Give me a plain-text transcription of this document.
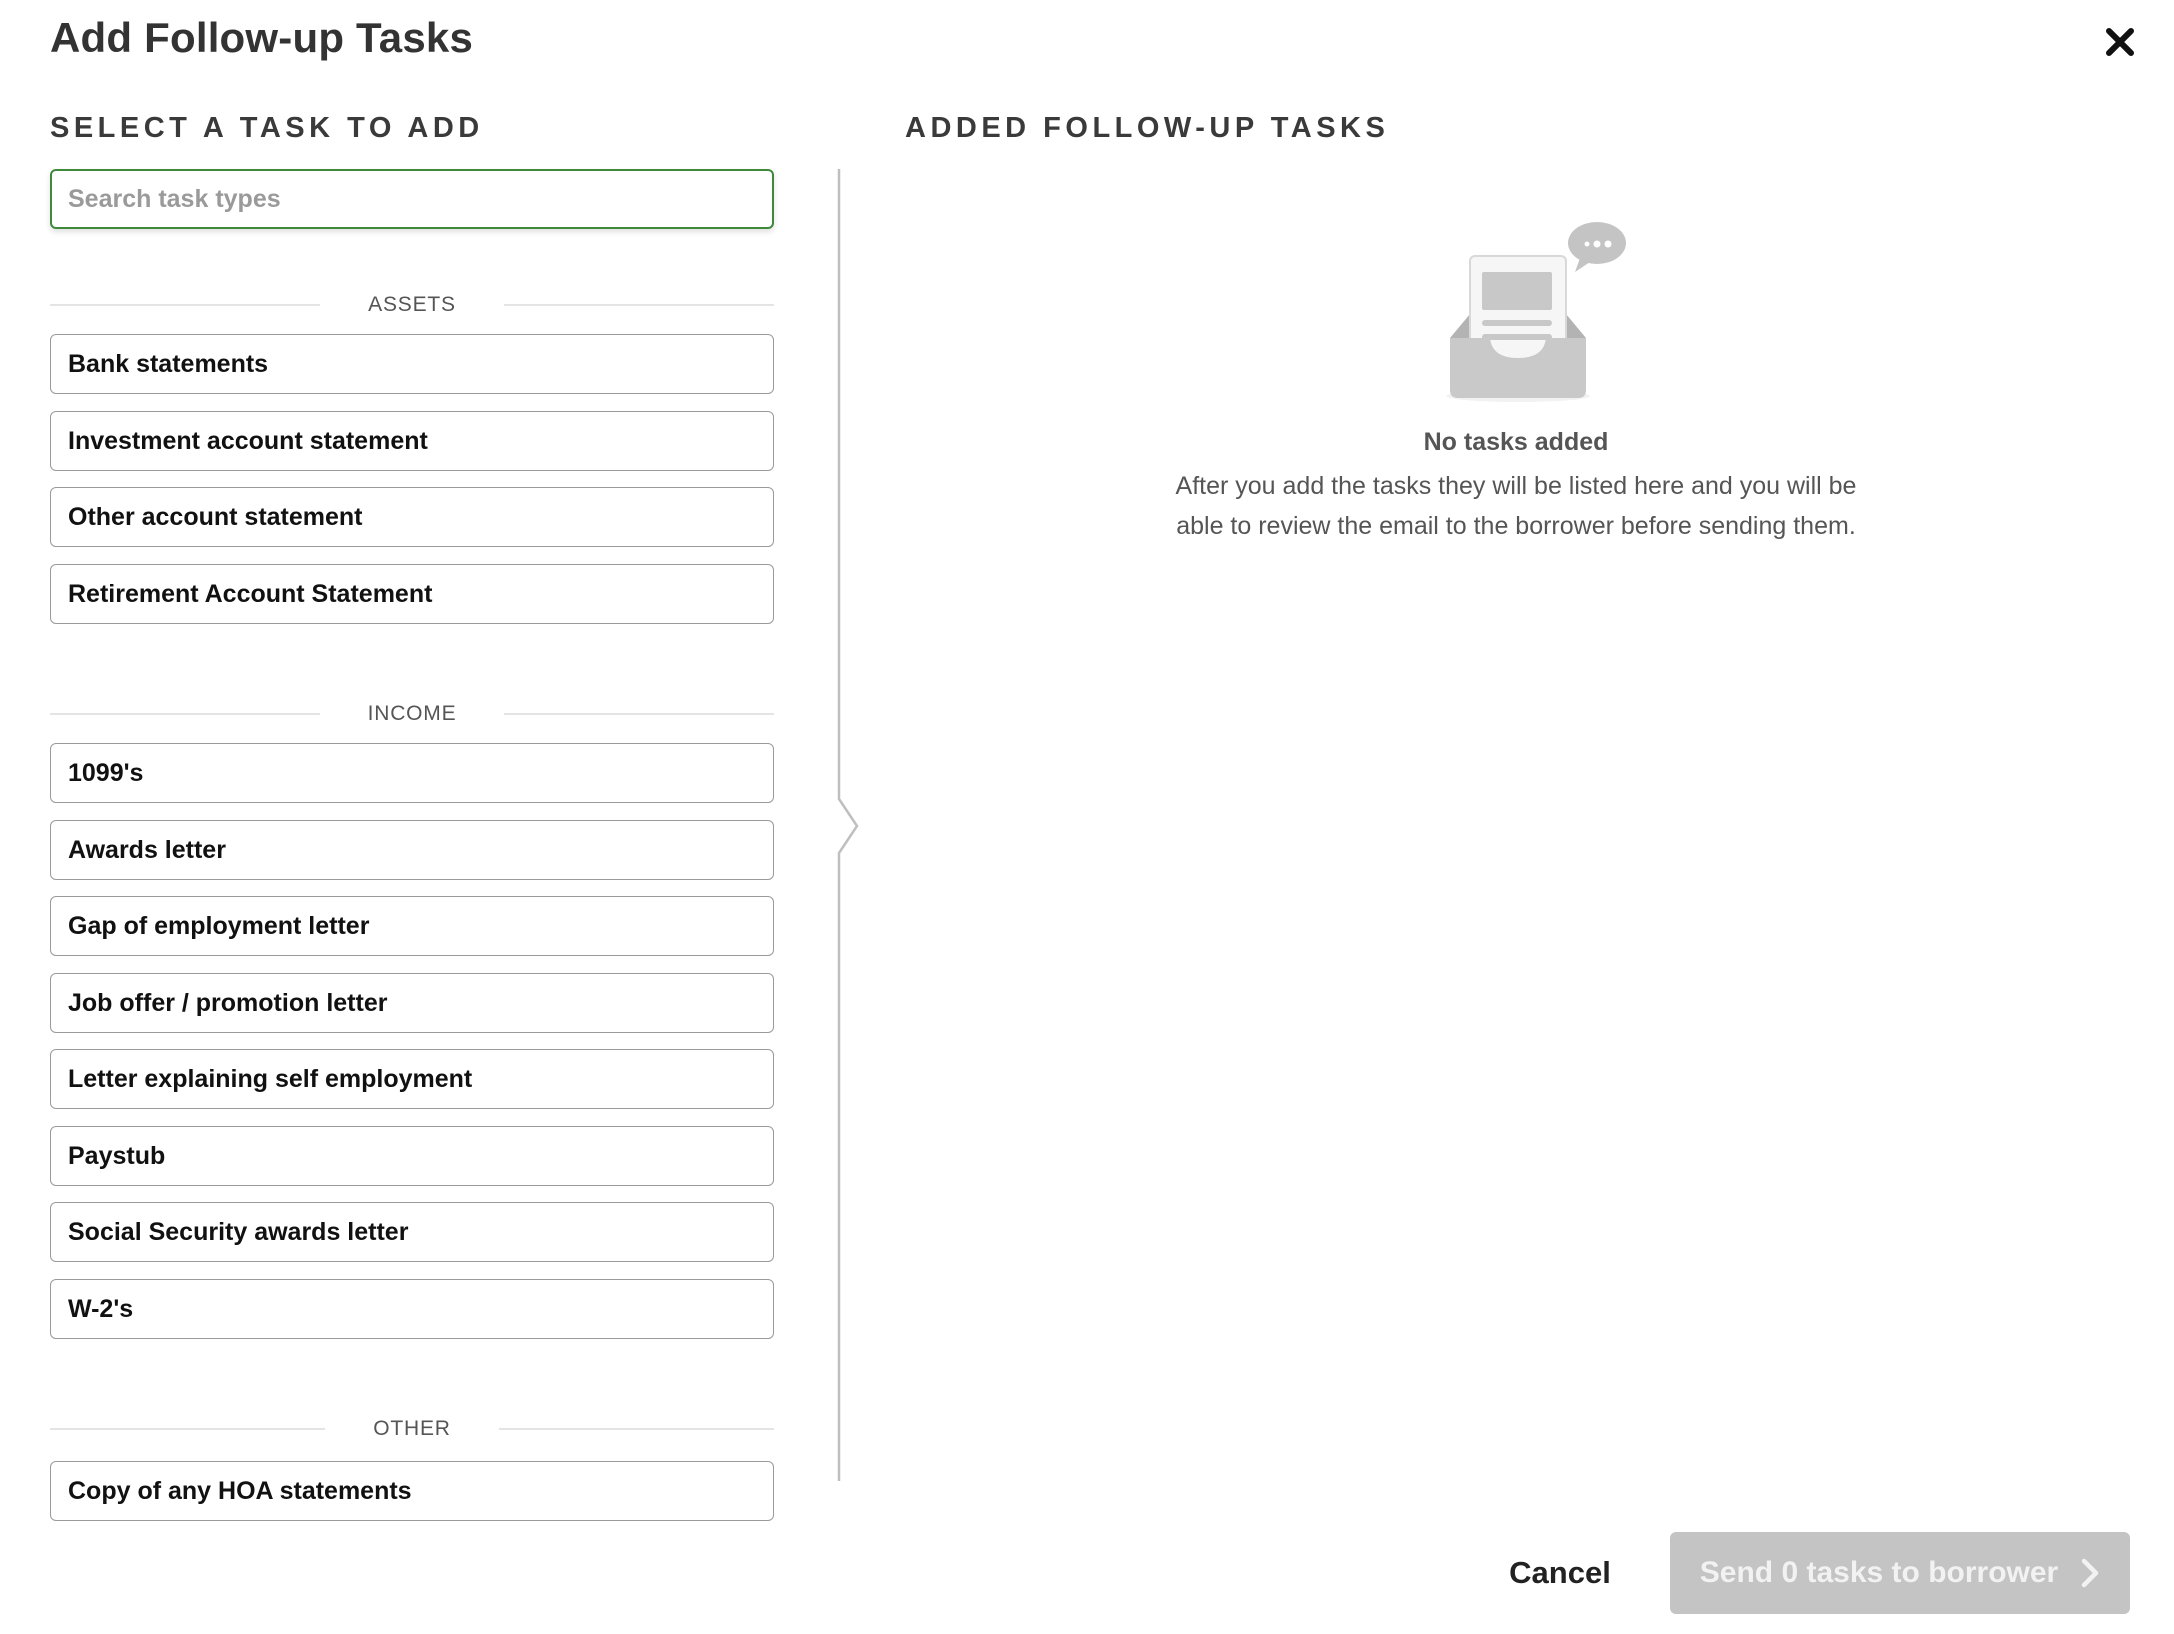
Add Follow-up Tasks
SELECT A TASK TO ADD	ADDED FOLLOW-UP TASKS
Search task types
ASSETS
Bank statements
Investment account statement
Other account statement
Retirement Account Statement
INCOME
1099's
Awards letter
Gap of employment letter
Job offer / promotion letter
Letter explaining self employment
Paystub
Social Security awards letter
W-2's
OTHER
Copy of any HOA statements
No tasks added
After you add the tasks they will be listed here and you will be able to review the email to the borrower before sending them.
Cancel	Send 0 tasks to borrower
